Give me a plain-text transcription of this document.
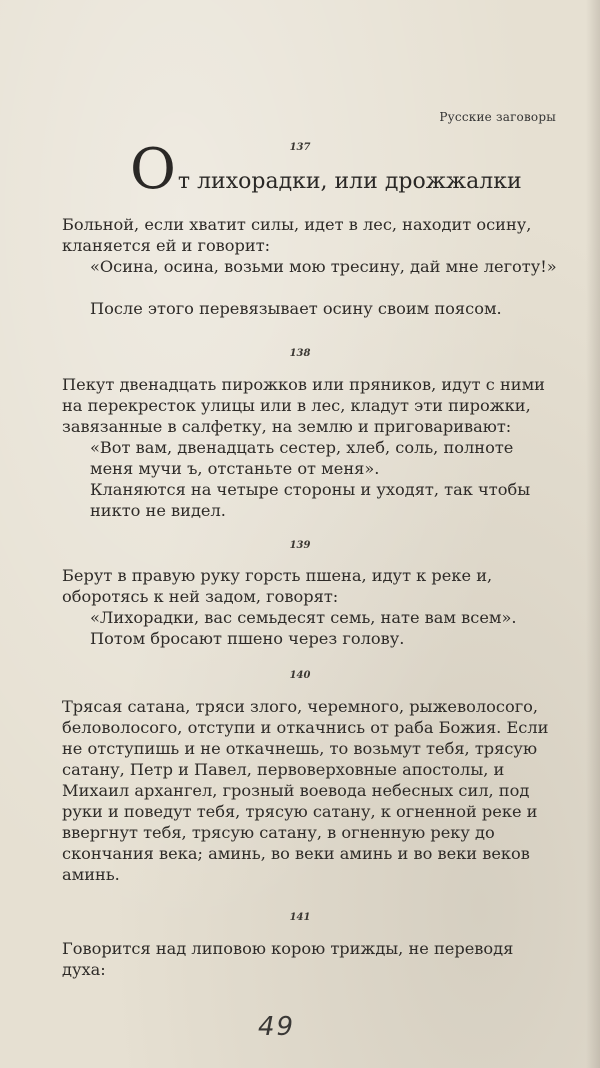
Русские заговоры
137
О т лихорадки, или дрожжалки
Больной, если хватит силы, идет в лес, находит осину, кланяется ей и говорит:
«Осина, осина, возьми мою тресину, дай мне леготу!»
После этого перевязывает осину своим поясом.
138
Пекут двенадцать пирожков или пряников, идут с ними на перекресток улицы или в лес, кладут эти пирожки, завязанные в салфетку, на землю и приговаривают:
«Вот вам, двенадцать сестер, хлеб, соль, полноте меня мучи ъ, отстаньте от меня».
Кланяются на четыре стороны и уходят, так чтобы никто не видел.
139
Берут в правую руку горсть пшена, идут к реке и, оборотясь к ней задом, говорят:
«Лихорадки, вас семьдесят семь, нате вам всем».
Потом бросают пшено через голову.
140
Трясая сатана, тряси злого, черемного, рыжеволосого, беловолосого, отступи и откачнись от раба Божия. Если не отступишь и не откачнешь, то возьмут тебя, трясую сатану, Петр и Павел, первоверховные апостолы, и Михаил архангел, грозный воевода небесных сил, под руки и поведут тебя, трясую сатану, к огненной реке и ввергнут тебя, трясую сатану, в огненную реку до скончания века; аминь, во веки аминь и во веки веков аминь.
141
Говорится над липовою корою трижды, не переводя духа:
49
